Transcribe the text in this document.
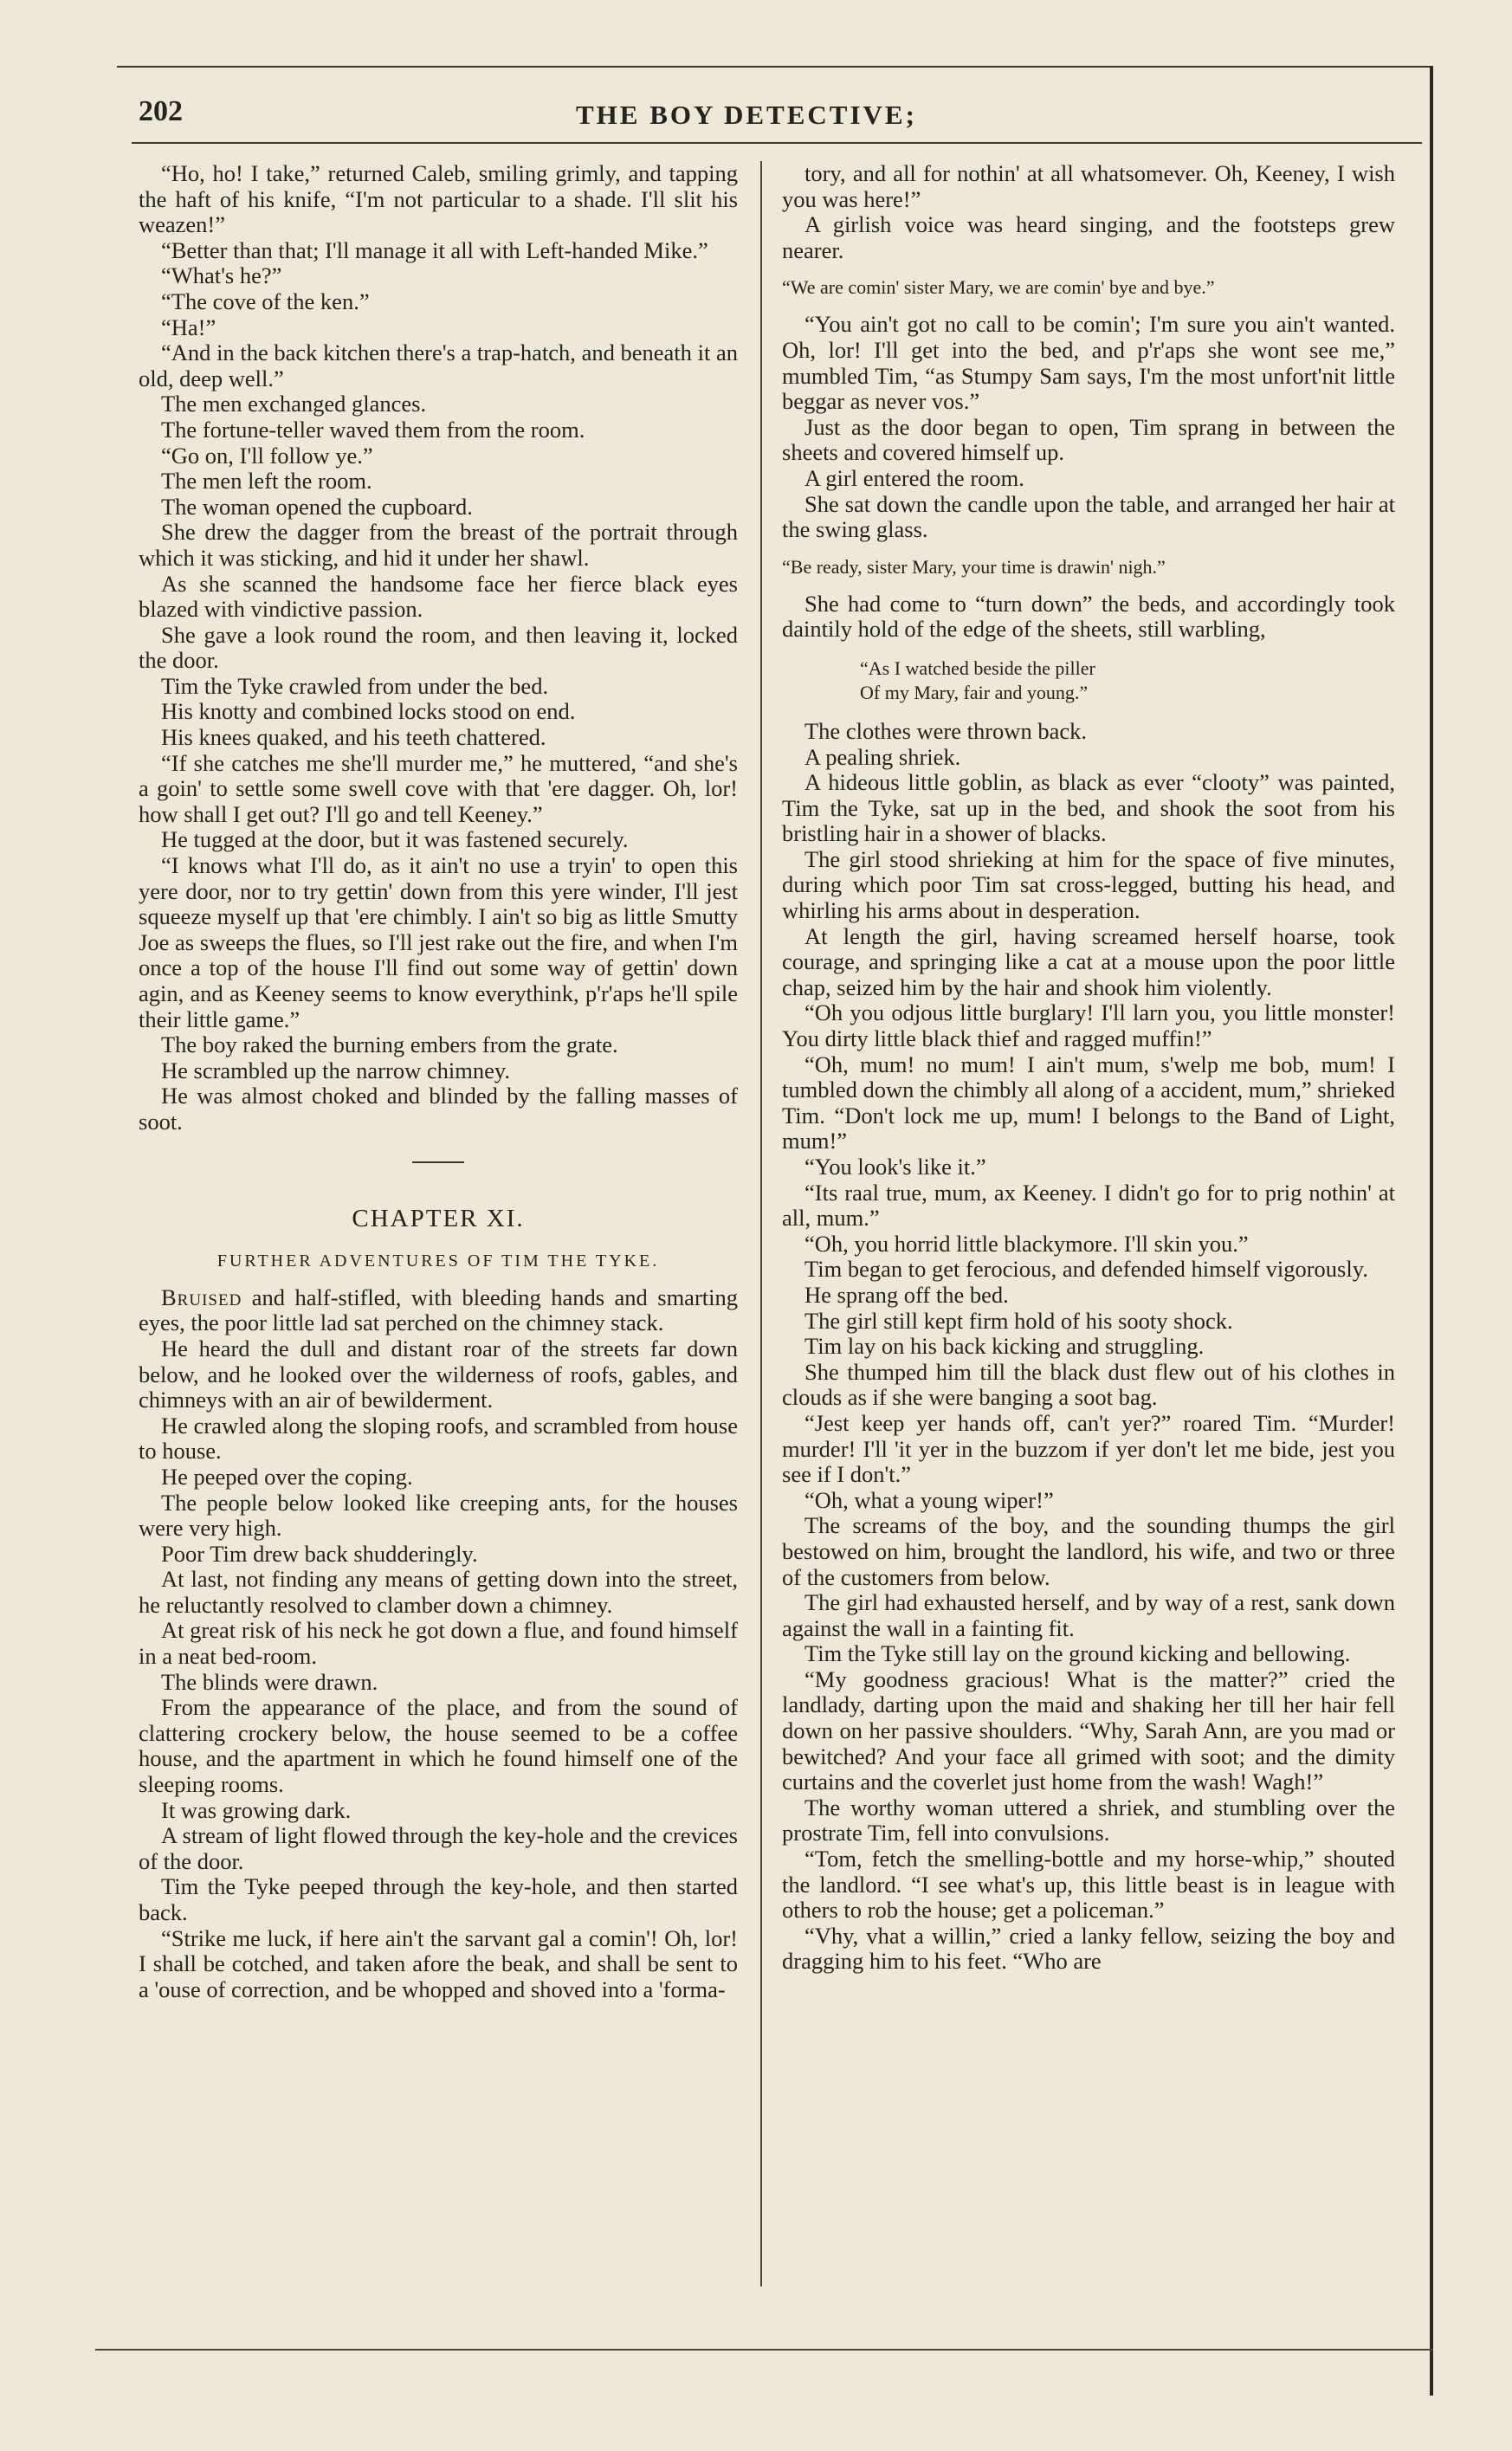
202	THE BOY DETECTIVE;

“Ho, ho! I take,” returned Caleb, smiling grimly, and tapping the haft of his knife, “I'm not particular to a shade. I'll slit his weazen!”

“Better than that; I'll manage it all with Left-handed Mike.”

“What's he?”

“The cove of the ken.”

“Ha!”

“And in the back kitchen there's a trap-hatch, and beneath it an old, deep well.”

The men exchanged glances.

The fortune-teller waved them from the room.

“Go on, I'll follow ye.”

The men left the room.

The woman opened the cupboard.

She drew the dagger from the breast of the portrait through which it was sticking, and hid it under her shawl.

As she scanned the handsome face her fierce black eyes blazed with vindictive passion.

She gave a look round the room, and then leaving it, locked the door.

Tim the Tyke crawled from under the bed.

His knotty and combined locks stood on end.

His knees quaked, and his teeth chattered.

“If she catches me she'll murder me,” he muttered, “and she's a goin' to settle some swell cove with that 'ere dagger. Oh, lor! how shall I get out? I'll go and tell Keeney.”

He tugged at the door, but it was fastened securely.

“I knows what I'll do, as it ain't no use a tryin' to open this yere door, nor to try gettin' down from this yere winder, I'll jest squeeze myself up that 'ere chimbly. I ain't so big as little Smutty Joe as sweeps the flues, so I'll jest rake out the fire, and when I'm once a top of the house I'll find out some way of gettin' down agin, and as Keeney seems to know everythink, p'r'aps he'll spile their little game.”

The boy raked the burning embers from the grate.

He scrambled up the narrow chimney.

He was almost choked and blinded by the falling masses of soot.

CHAPTER XI.
FURTHER ADVENTURES OF TIM THE TYKE.

Bruised and half-stifled, with bleeding hands and smarting eyes, the poor little lad sat perched on the chimney stack.

He heard the dull and distant roar of the streets far down below, and he looked over the wilderness of roofs, gables, and chimneys with an air of bewilderment.

He crawled along the sloping roofs, and scrambled from house to house.

He peeped over the coping.

The people below looked like creeping ants, for the houses were very high.

Poor Tim drew back shudderingly.

At last, not finding any means of getting down into the street, he reluctantly resolved to clamber down a chimney.

At great risk of his neck he got down a flue, and found himself in a neat bed-room.

The blinds were drawn.

From the appearance of the place, and from the sound of clattering crockery below, the house seemed to be a coffee house, and the apartment in which he found himself one of the sleeping rooms.

It was growing dark.

A stream of light flowed through the key-hole and the crevices of the door.

Tim the Tyke peeped through the key-hole, and then started back.

“Strike me luck, if here ain't the sarvant gal a comin'! Oh, lor! I shall be cotched, and taken afore the beak, and shall be sent to a 'ouse of correction, and be whopped and shoved into a 'forma-

tory, and all for nothin' at all whatsomever. Oh, Keeney, I wish you was here!”

A girlish voice was heard singing, and the footsteps grew nearer.

“We are comin' sister Mary, we are comin' bye and bye.”

“You ain't got no call to be comin'; I'm sure you ain't wanted. Oh, lor! I'll get into the bed, and p'r'aps she wont see me,” mumbled Tim, “as Stumpy Sam says, I'm the most unfort'nit little beggar as never vos.”

Just as the door began to open, Tim sprang in between the sheets and covered himself up.

A girl entered the room.

She sat down the candle upon the table, and arranged her hair at the swing glass.

“Be ready, sister Mary, your time is drawin' nigh.”

She had come to “turn down” the beds, and accordingly took daintily hold of the edge of the sheets, still warbling,

“As I watched beside the piller
Of my Mary, fair and young.”

The clothes were thrown back.

A pealing shriek.

A hideous little goblin, as black as ever “clooty” was painted, Tim the Tyke, sat up in the bed, and shook the soot from his bristling hair in a shower of blacks.

The girl stood shrieking at him for the space of five minutes, during which poor Tim sat cross-legged, butting his head, and whirling his arms about in desperation.

At length the girl, having screamed herself hoarse, took courage, and springing like a cat at a mouse upon the poor little chap, seized him by the hair and shook him violently.

“Oh you odjous little burglary! I'll larn you, you little monster! You dirty little black thief and ragged muffin!”

“Oh, mum! no mum! I ain't mum, s'welp me bob, mum! I tumbled down the chimbly all along of a accident, mum,” shrieked Tim. “Don't lock me up, mum! I belongs to the Band of Light, mum!”

“You look's like it.”

“Its raal true, mum, ax Keeney. I didn't go for to prig nothin' at all, mum.”

“Oh, you horrid little blackymore. I'll skin you.”

Tim began to get ferocious, and defended himself vigorously.

He sprang off the bed.

The girl still kept firm hold of his sooty shock.

Tim lay on his back kicking and struggling.

She thumped him till the black dust flew out of his clothes in clouds as if she were banging a soot bag.

“Jest keep yer hands off, can't yer?” roared Tim. “Murder! murder! I'll 'it yer in the buzzom if yer don't let me bide, jest you see if I don't.”

“Oh, what a young wiper!”

The screams of the boy, and the sounding thumps the girl bestowed on him, brought the landlord, his wife, and two or three of the customers from below.

The girl had exhausted herself, and by way of a rest, sank down against the wall in a fainting fit.

Tim the Tyke still lay on the ground kicking and bellowing.

“My goodness gracious! What is the matter?” cried the landlady, darting upon the maid and shaking her till her hair fell down on her passive shoulders. “Why, Sarah Ann, are you mad or bewitched? And your face all grimed with soot; and the dimity curtains and the coverlet just home from the wash! Wagh!”

The worthy woman uttered a shriek, and stumbling over the prostrate Tim, fell into convulsions.

“Tom, fetch the smelling-bottle and my horse-whip,” shouted the landlord. “I see what's up, this little beast is in league with others to rob the house; get a policeman.”

“Vhy, vhat a willin,” cried a lanky fellow, seizing the boy and dragging him to his feet. “Who are
